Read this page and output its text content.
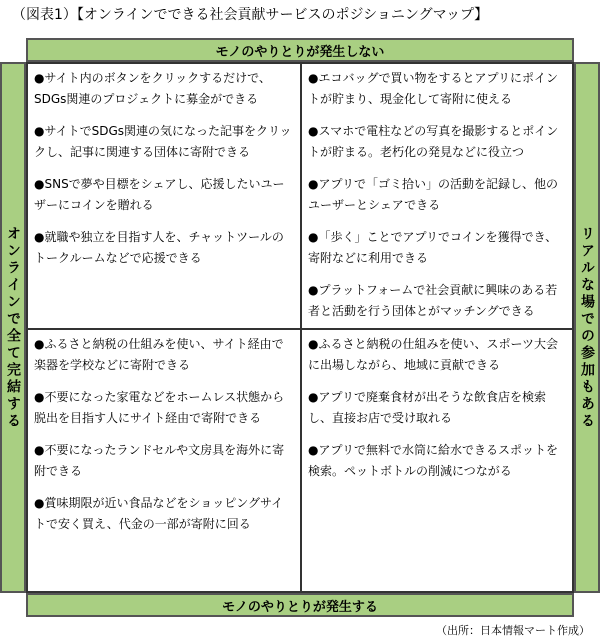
（図表1）【オンラインでできる社会貢献サービスのポジショニングマップ】
モノのやりとりが発生しない
オンラインで全て完結する	リアルな場での参加もある
●サイト内のボタンをクリックするだけで、SDGs関連のプロジェクトに募金ができる
●サイトでSDGs関連の気になった記事をクリックし、記事に関連する団体に寄附できる
●SNSで夢や目標をシェアし、応援したいユーザーにコインを贈れる
●就職や独立を目指す人を、チャットツールのトークルームなどで応援できる
●エコバッグで買い物をするとアプリにポイントが貯まり、現金化して寄附に使える
●スマホで電柱などの写真を撮影するとポイントが貯まる。老朽化の発見などに役立つ
●アプリで「ゴミ拾い」の活動を記録し、他のユーザーとシェアできる
●「歩く」ことでアプリでコインを獲得でき、寄附などに利用できる
●プラットフォームで社会貢献に興味のある若者と活動を行う団体とがマッチングできる
●ふるさと納税の仕組みを使い、サイト経由で楽器を学校などに寄附できる
●不要になった家電などをホームレス状態から脱出を目指す人にサイト経由で寄附できる
●不要になったランドセルや文房具を海外に寄附できる
●賞味期限が近い食品などをショッピングサイトで安く買え、代金の一部が寄附に回る
●ふるさと納税の仕組みを使い、スポーツ大会に出場しながら、地域に貢献できる
●アプリで廃棄食材が出そうな飲食店を検索し、直接お店で受け取れる
●アプリで無料で水筒に給水できるスポットを検索。ペットボトルの削減につながる
モノのやりとりが発生する
（出所：日本情報マート作成）
